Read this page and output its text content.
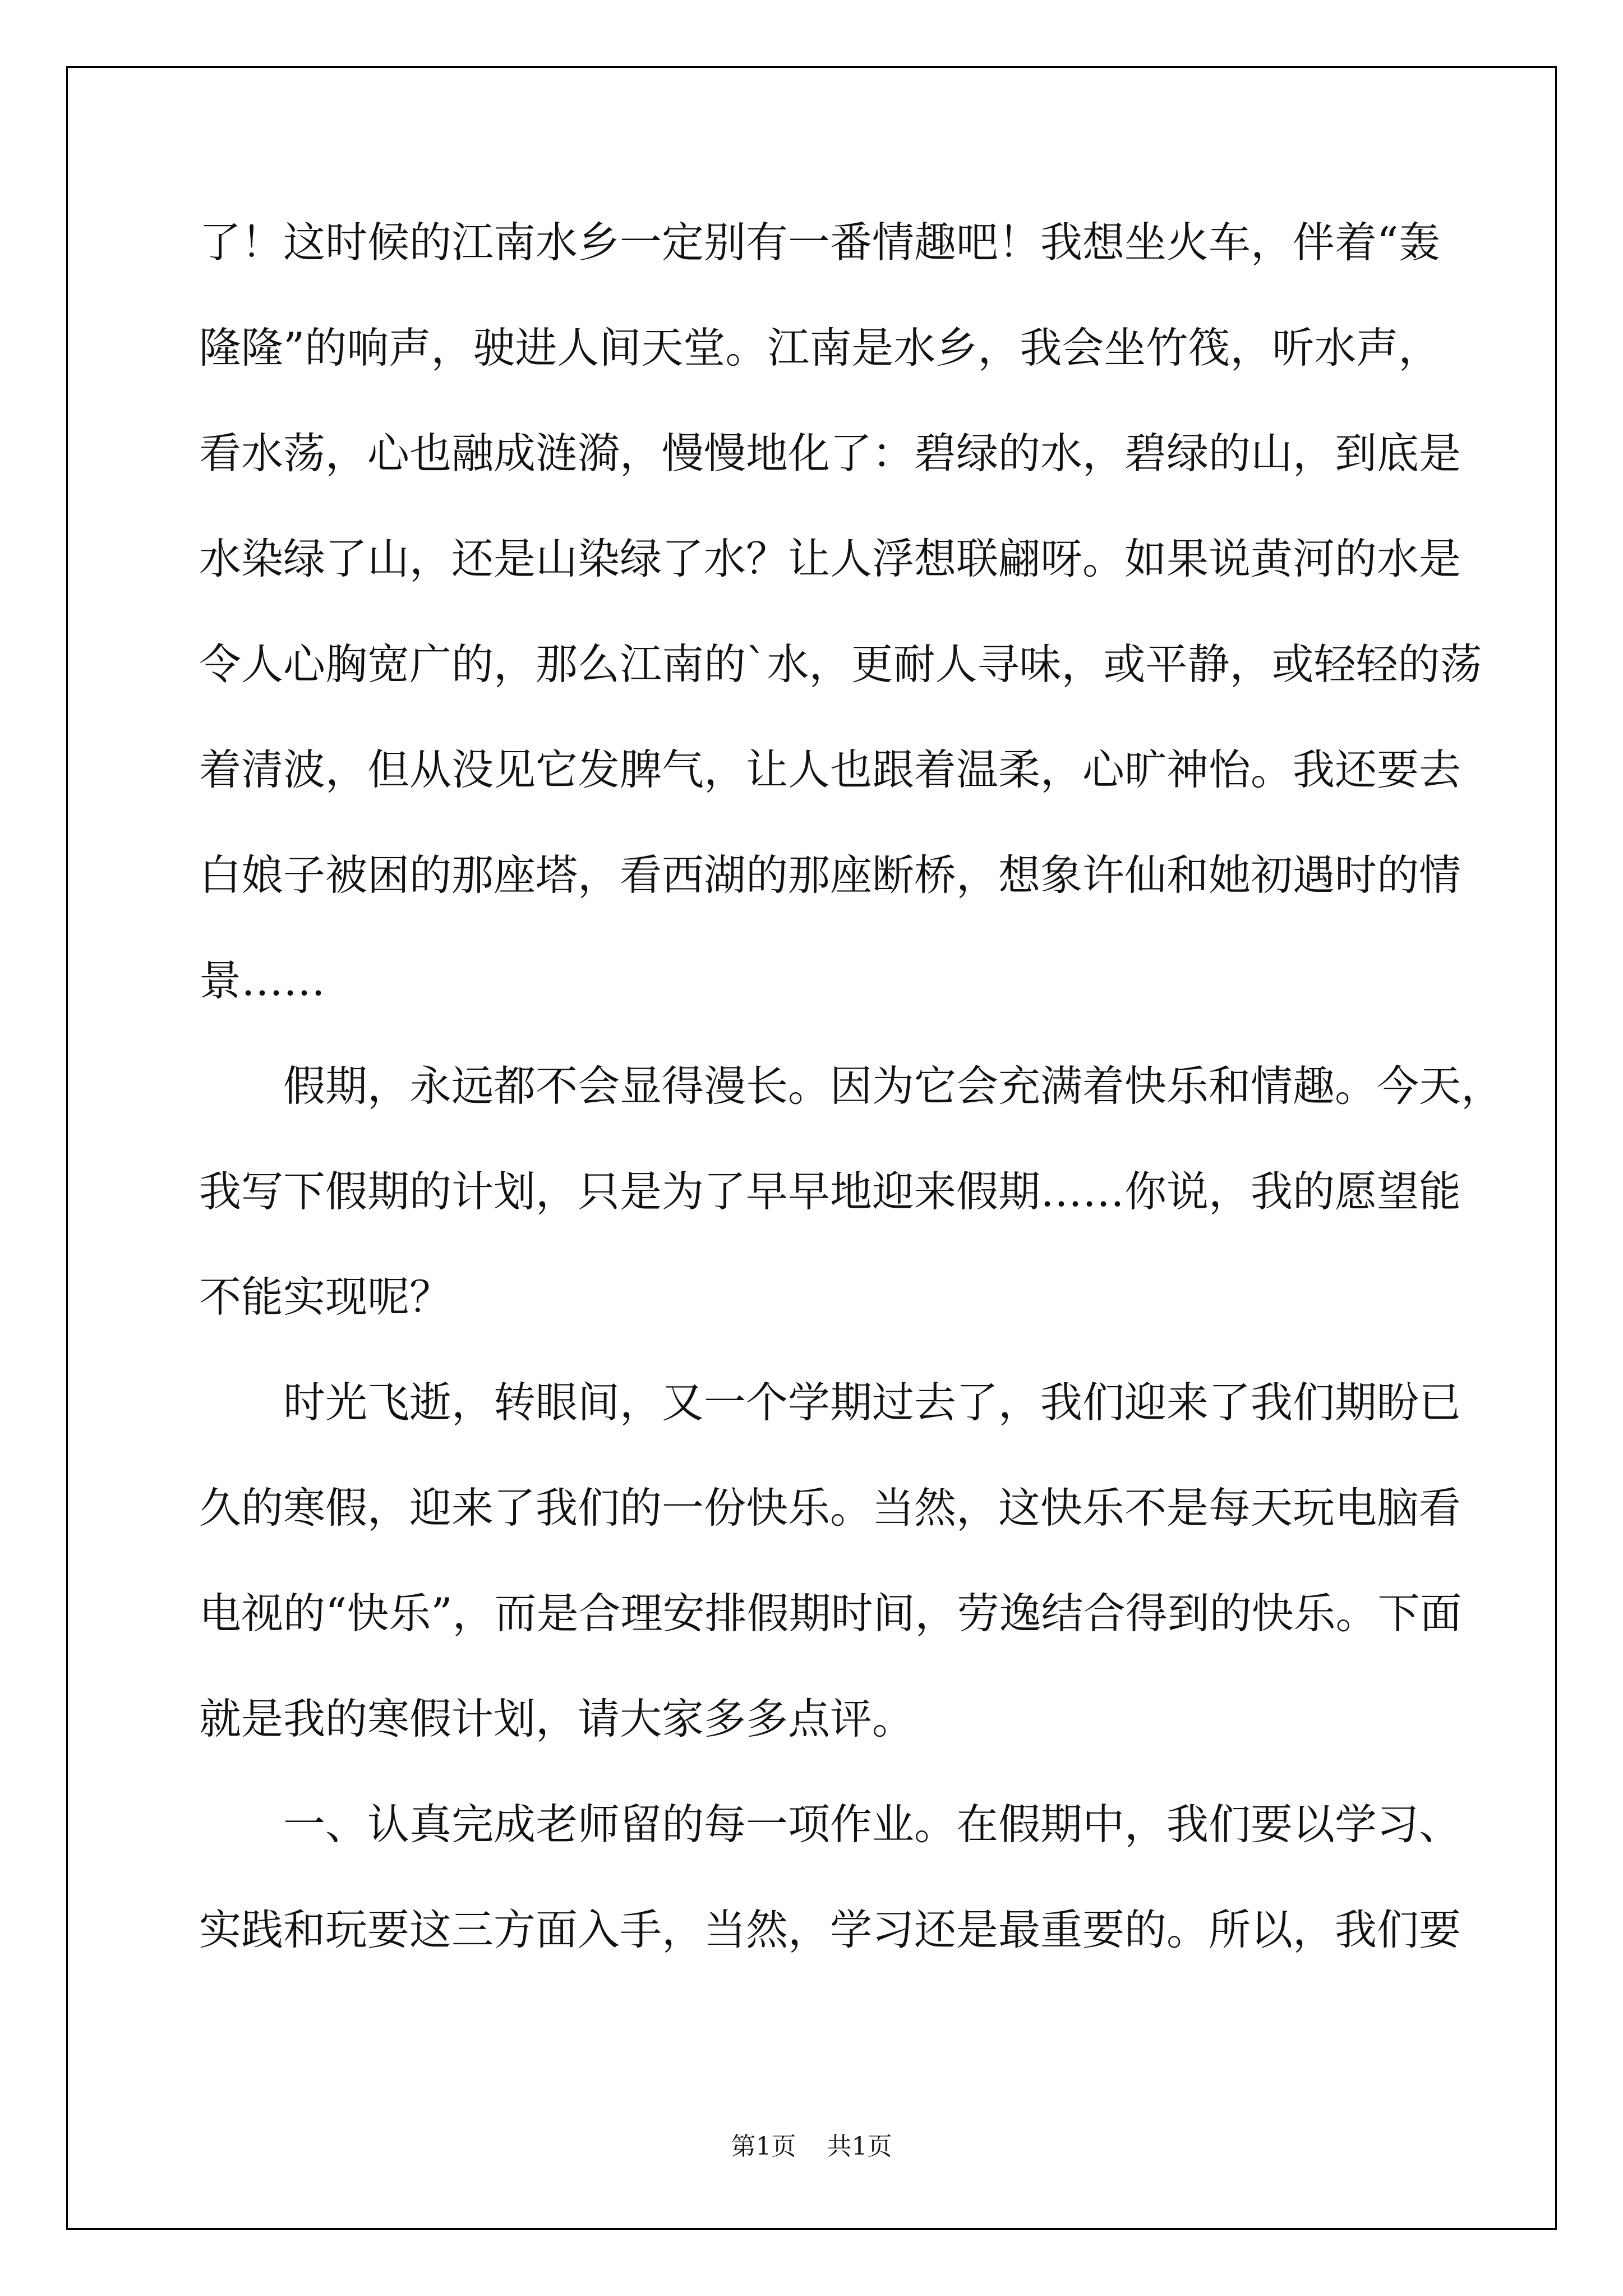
了！这时候的江南水乡一定别有一番情趣吧！我想坐火车，伴着“轰
隆隆”的响声，驶进人间天堂。江南是水乡，我会坐竹筏，听水声，
看水荡，心也融成涟漪，慢慢地化了：碧绿的水，碧绿的山，到底是
水染绿了山，还是山染绿了水？让人浮想联翩呀。如果说黄河的水是
令人心胸宽广的，那么江南的`水，更耐人寻味，或平静，或轻轻的荡
着清波，但从没见它发脾气，让人也跟着温柔，心旷神怡。我还要去
白娘子被困的那座塔，看西湖的那座断桥，想象许仙和她初遇时的情
景……
假期，永远都不会显得漫长。因为它会充满着快乐和情趣。今天，
我写下假期的计划，只是为了早早地迎来假期……你说，我的愿望能
不能实现呢？
时光飞逝，转眼间，又一个学期过去了，我们迎来了我们期盼已
久的寒假，迎来了我们的一份快乐。当然，这快乐不是每天玩电脑看
电视的“快乐”，而是合理安排假期时间，劳逸结合得到的快乐。下面
就是我的寒假计划，请大家多多点评。
一、认真完成老师留的每一项作业。在假期中，我们要以学习、
实践和玩要这三方面入手，当然，学习还是最重要的。所以，我们要
第1页 共1页
